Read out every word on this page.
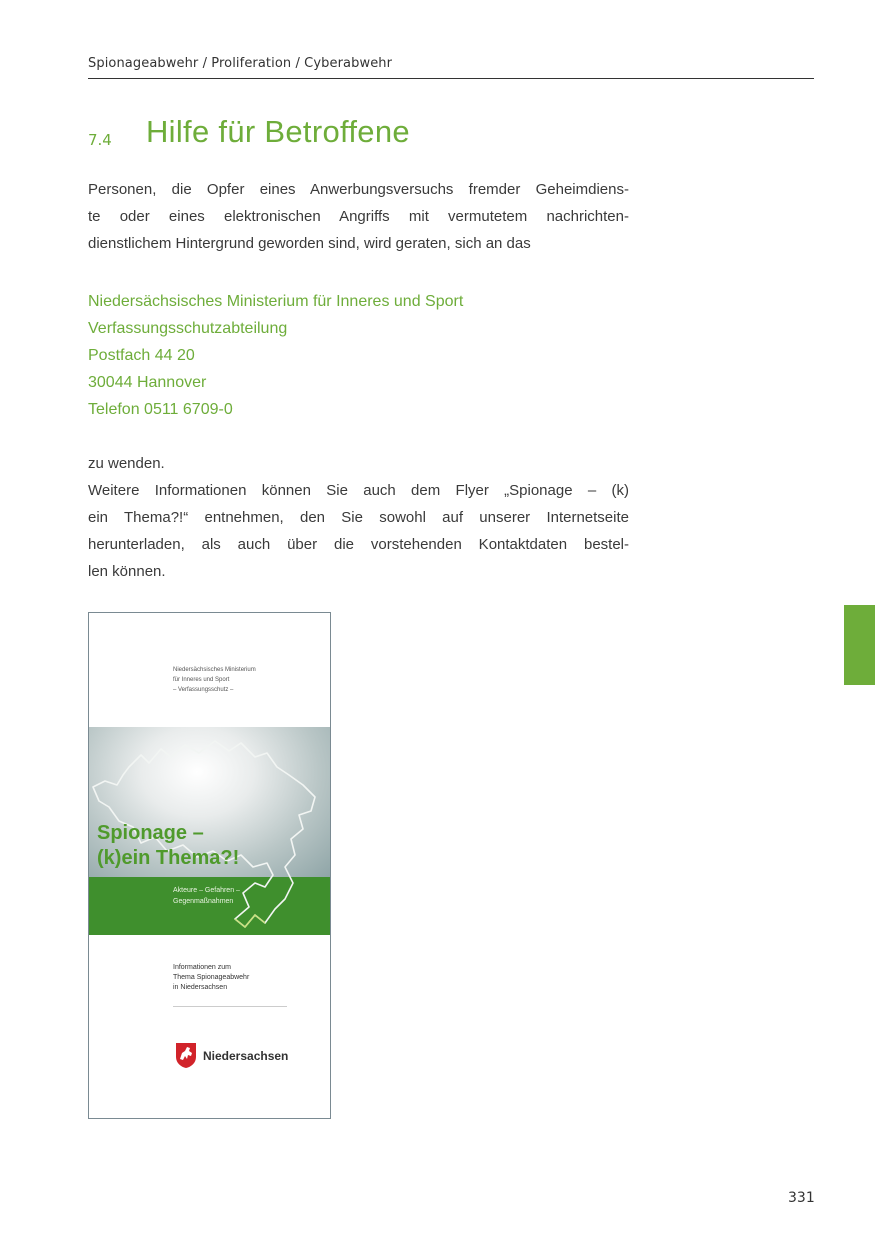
Spionageabwehr / Proliferation / Cyberabwehr
7.4 Hilfe für Betroffene
Personen, die Opfer eines Anwerbungsversuchs fremder Geheimdiens-
te oder eines elektronischen Angriffs mit vermutetem nachrichten-
dienstlichem Hintergrund geworden sind, wird geraten, sich an das
Niedersächsisches Ministerium für Inneres und Sport
Verfassungsschutzabteilung
Postfach 44 20
30044 Hannover
Telefon 0511 6709-0
zu wenden.
Weitere Informationen können Sie auch dem Flyer „Spionage – (k)
ein Thema?!“ entnehmen, den Sie sowohl auf unserer Internetseite
herunterladen, als auch über die vorstehenden Kontaktdaten bestel-
len können.
Niedersächsisches Ministerium
für Inneres und Sport
– Verfassungsschutz –
Spionage –
(k)ein Thema?!
Akteure – Gefahren –
Gegenmaßnahmen
Informationen zum
Thema Spionageabwehr
in Niedersachsen
Niedersachsen
331
